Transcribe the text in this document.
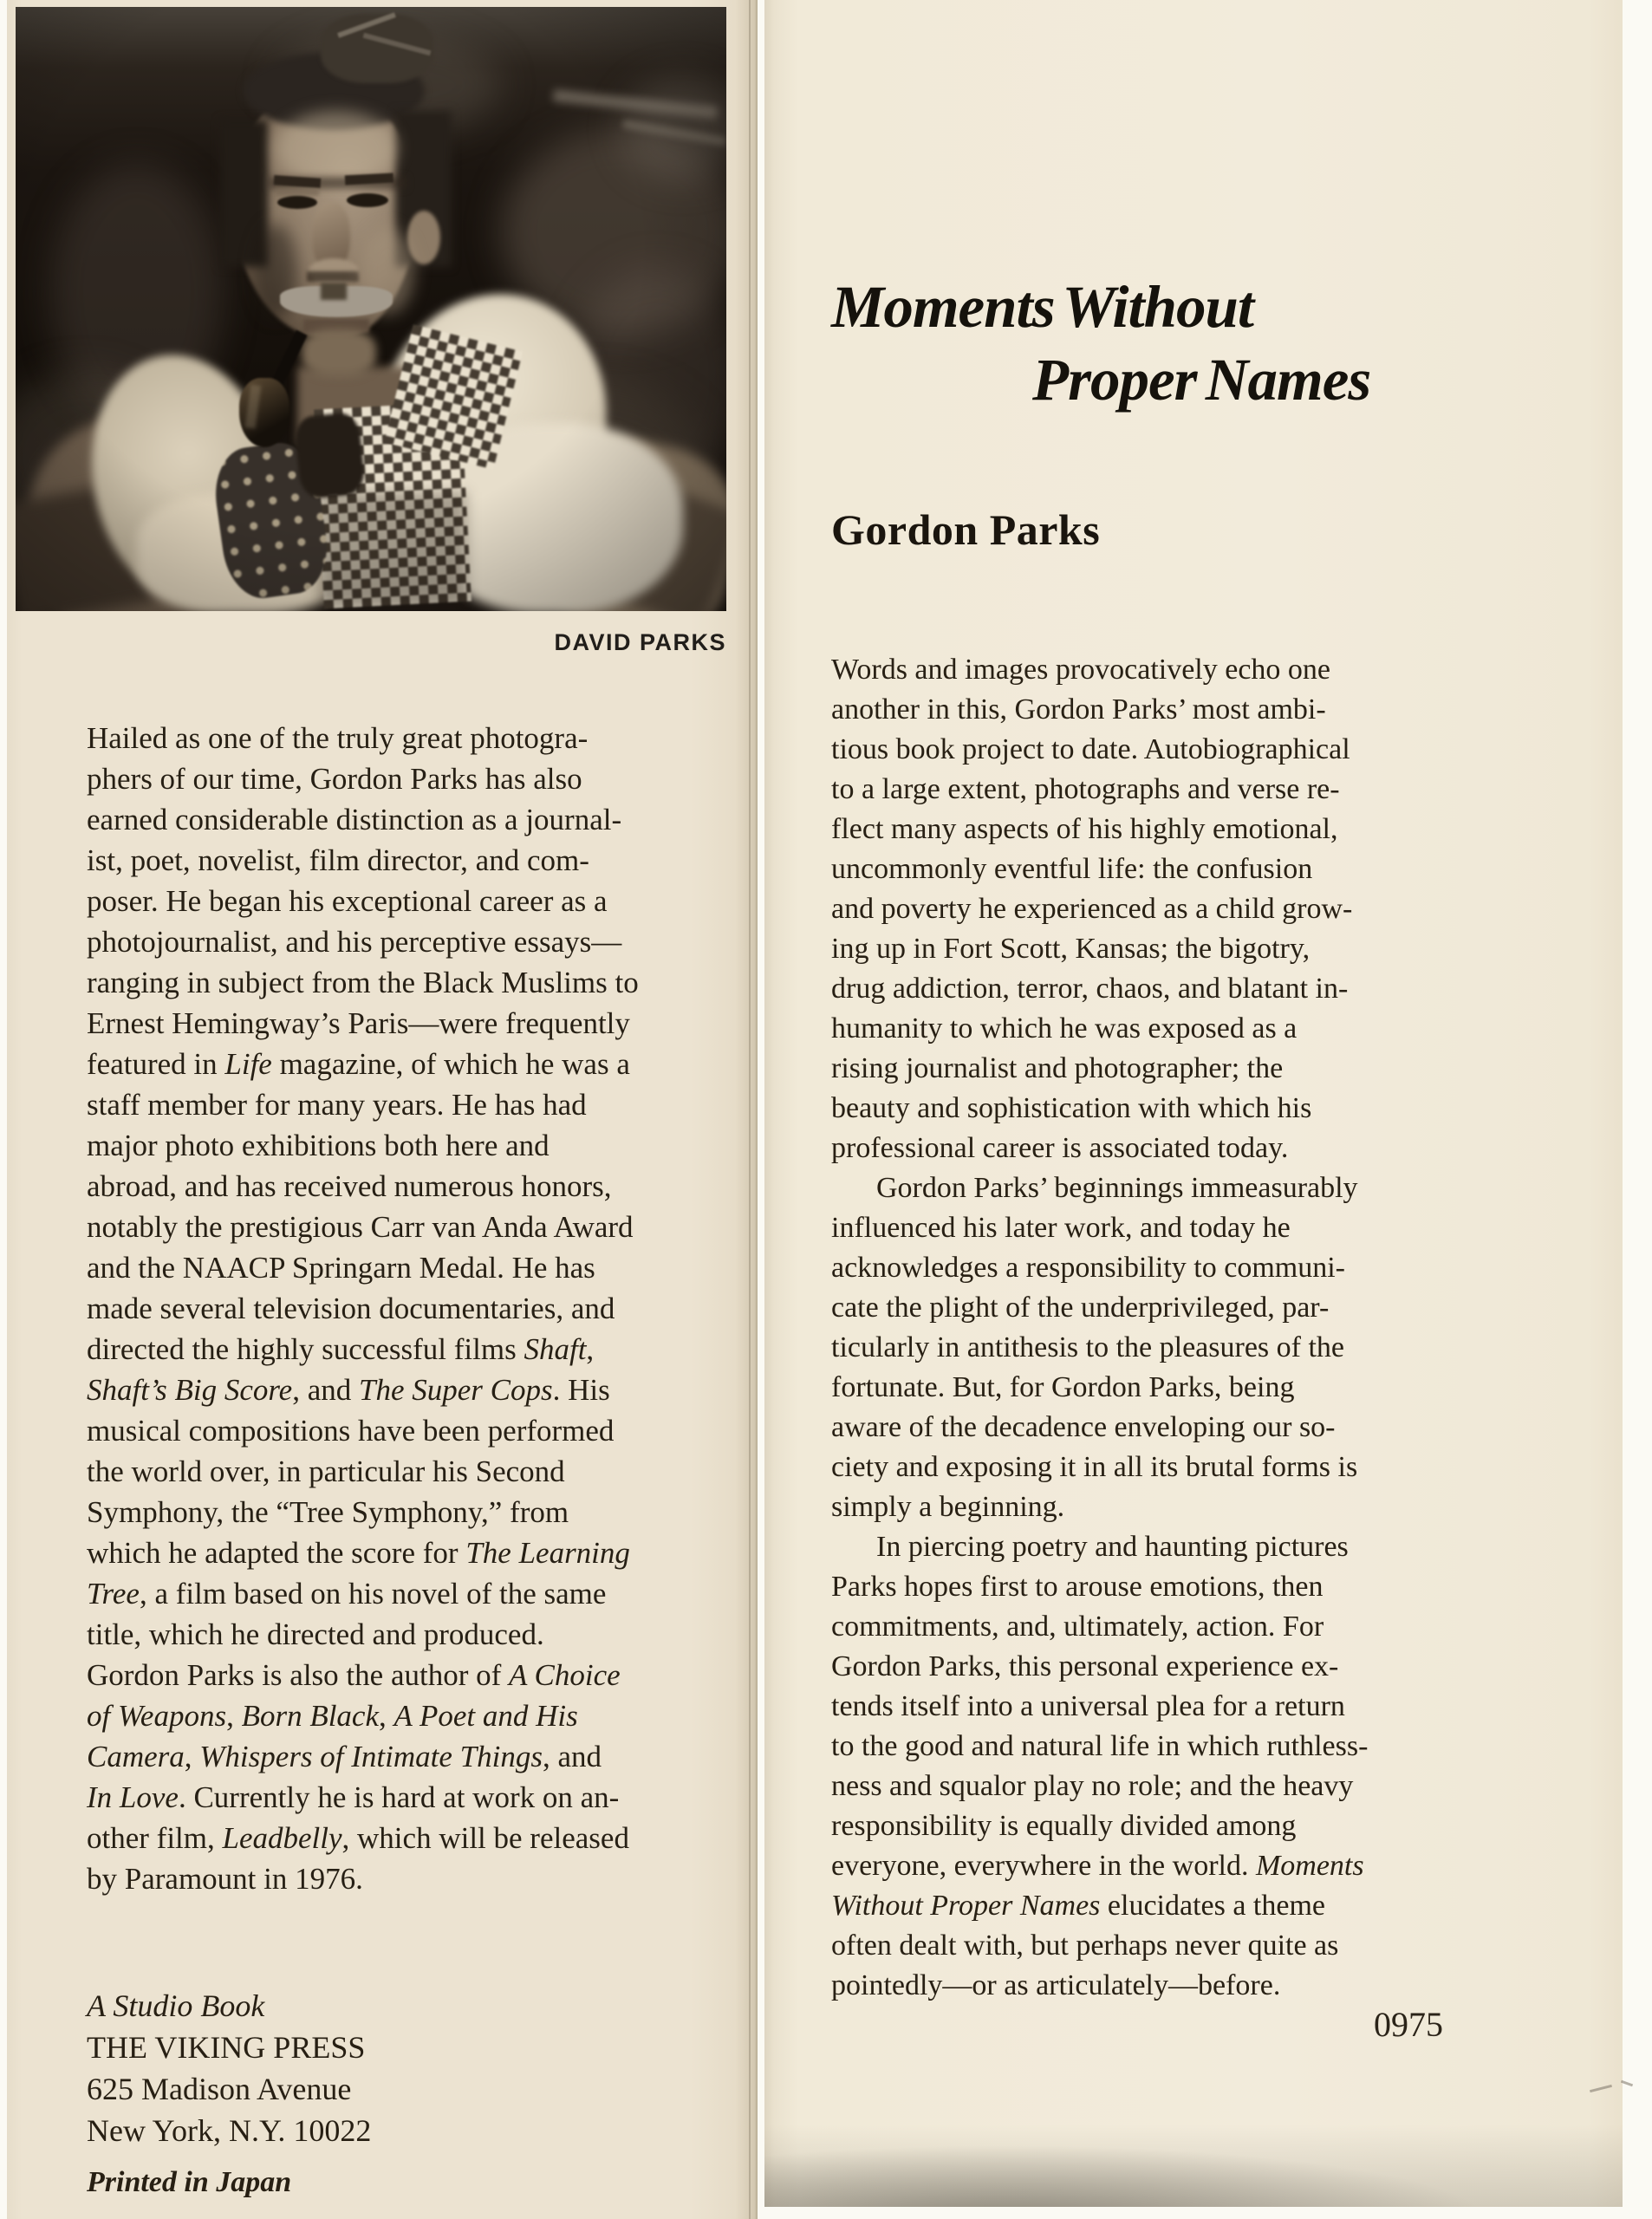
DAVID PARKS
Hailed as one of the truly great photogra-
phers of our time, Gordon Parks has also
earned considerable distinction as a journal-
ist, poet, novelist, film director, and com-
poser. He began his exceptional career as a
photojournalist, and his perceptive essays—
ranging in subject from the Black Muslims to
Ernest Hemingway’s Paris—were frequently
featured in Life magazine, of which he was a
staff member for many years. He has had
major photo exhibitions both here and
abroad, and has received numerous honors,
notably the prestigious Carr van Anda Award
and the NAACP Springarn Medal. He has
made several television documentaries, and
directed the highly successful films Shaft,
Shaft’s Big Score, and The Super Cops. His
musical compositions have been performed
the world over, in particular his Second
Symphony, the “Tree Symphony,” from
which he adapted the score for The Learning
Tree, a film based on his novel of the same
title, which he directed and produced.
Gordon Parks is also the author of A Choice
of Weapons, Born Black, A Poet and His
Camera, Whispers of Intimate Things, and
In Love. Currently he is hard at work on an-
other film, Leadbelly, which will be released
by Paramount in 1976.
A Studio Book
THE VIKING PRESS
625 Madison Avenue
New York, N.Y. 10022
Printed in Japan
Moments Without
Proper Names
Gordon Parks
Words and images provocatively echo one
another in this, Gordon Parks’ most ambi-
tious book project to date. Autobiographical
to a large extent, photographs and verse re-
flect many aspects of his highly emotional,
uncommonly eventful life: the confusion
and poverty he experienced as a child grow-
ing up in Fort Scott, Kansas; the bigotry,
drug addiction, terror, chaos, and blatant in-
humanity to which he was exposed as a
rising journalist and photographer; the
beauty and sophistication with which his
professional career is associated today.
Gordon Parks’ beginnings immeasurably
influenced his later work, and today he
acknowledges a responsibility to communi-
cate the plight of the underprivileged, par-
ticularly in antithesis to the pleasures of the
fortunate. But, for Gordon Parks, being
aware of the decadence enveloping our so-
ciety and exposing it in all its brutal forms is
simply a beginning.
In piercing poetry and haunting pictures
Parks hopes first to arouse emotions, then
commitments, and, ultimately, action. For
Gordon Parks, this personal experience ex-
tends itself into a universal plea for a return
to the good and natural life in which ruthless-
ness and squalor play no role; and the heavy
responsibility is equally divided among
everyone, everywhere in the world. Moments
Without Proper Names elucidates a theme
often dealt with, but perhaps never quite as
pointedly—or as articulately—before.
0975
